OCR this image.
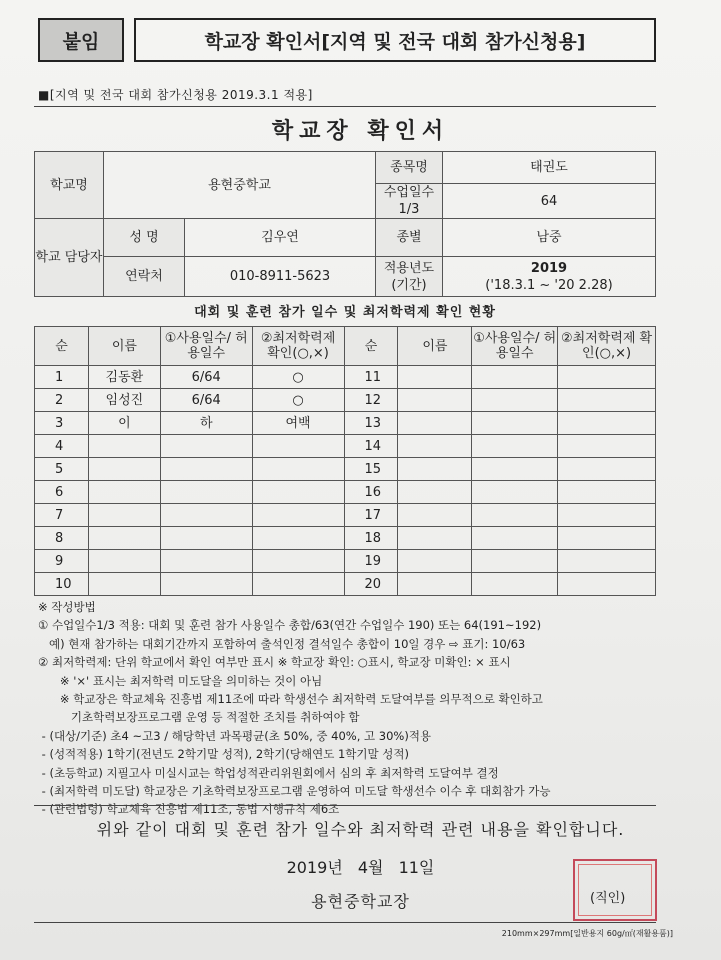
붙임	학교장 확인서[지역 및 전국 대회 참가신청용]
■[지역 및 전국 대회 참가신청용 2019.3.1 적용]
학교장 확인서
학교명	용현중학교		종목명	태권도
			수업일수 1/3	64
학교 담당자	성 명	김우연	종별	남중
	연락처	010-8911-5623	적용년도 (기간)	2019
('18.3.1 ~ '20 2.28)
대회 및 훈련 참가 일수 및 최저학력제 확인 현황
순	이름	①사용일수/ 허용일수	②최저학력제 확인(○,×)	순	이름	①사용일수/ 허용일수	②최저학력제 확인(○,×)
1	김동환	6/64	○	11			
2	임성진	6/64	○	12			
3	이	하	여백	13			
4				14			
5				15			
6				16			
7				17			
8				18			
9				19			
10				20			
※ 작성방법
① 수업일수1/3 적용: 대회 및 훈련 참가 사용일수 총합/63(연간 수업일수 190) 또는 64(191~192)
예) 현재 참가하는 대회기간까지 포함하여 출석인정 결석일수 총합이 10일 경우 ⇨ 표기: 10/63
② 최저학력제: 단위 학교에서 확인 여부만 표시 ※ 학교장 확인: ○표시, 학교장 미확인: × 표시
※ '×' 표시는 최저학력 미도달을 의미하는 것이 아님
※ 학교장은 학교체육 진흥법 제11조에 따라 학생선수 최저학력 도달여부를 의무적으로 확인하고
기초학력보장프로그램 운영 등 적절한 조치를 취하여야 함
- (대상/기준) 초4 ~고3 / 해당학년 과목평균(초 50%, 중 40%, 고 30%)적용
- (성적적용) 1학기(전년도 2학기말 성적), 2학기(당해연도 1학기말 성적)
- (초등학교) 지필고사 미실시교는 학업성적관리위원회에서 심의 후 최저학력 도달여부 결정
- (최저학력 미도달) 학교장은 기초학력보장프로그램 운영하여 미도달 학생선수 이수 후 대회참가 가능
- (관련법령) 학교체육 진흥법 제11조, 동법 시행규칙 제6조
위와 같이 대회 및 훈련 참가 일수와 최저학력 관련 내용을 확인합니다.
2019년 4월 11일
용현중학교장	(직인)
210mm×297mm[일반용지 60g/㎡(재활용품)]
